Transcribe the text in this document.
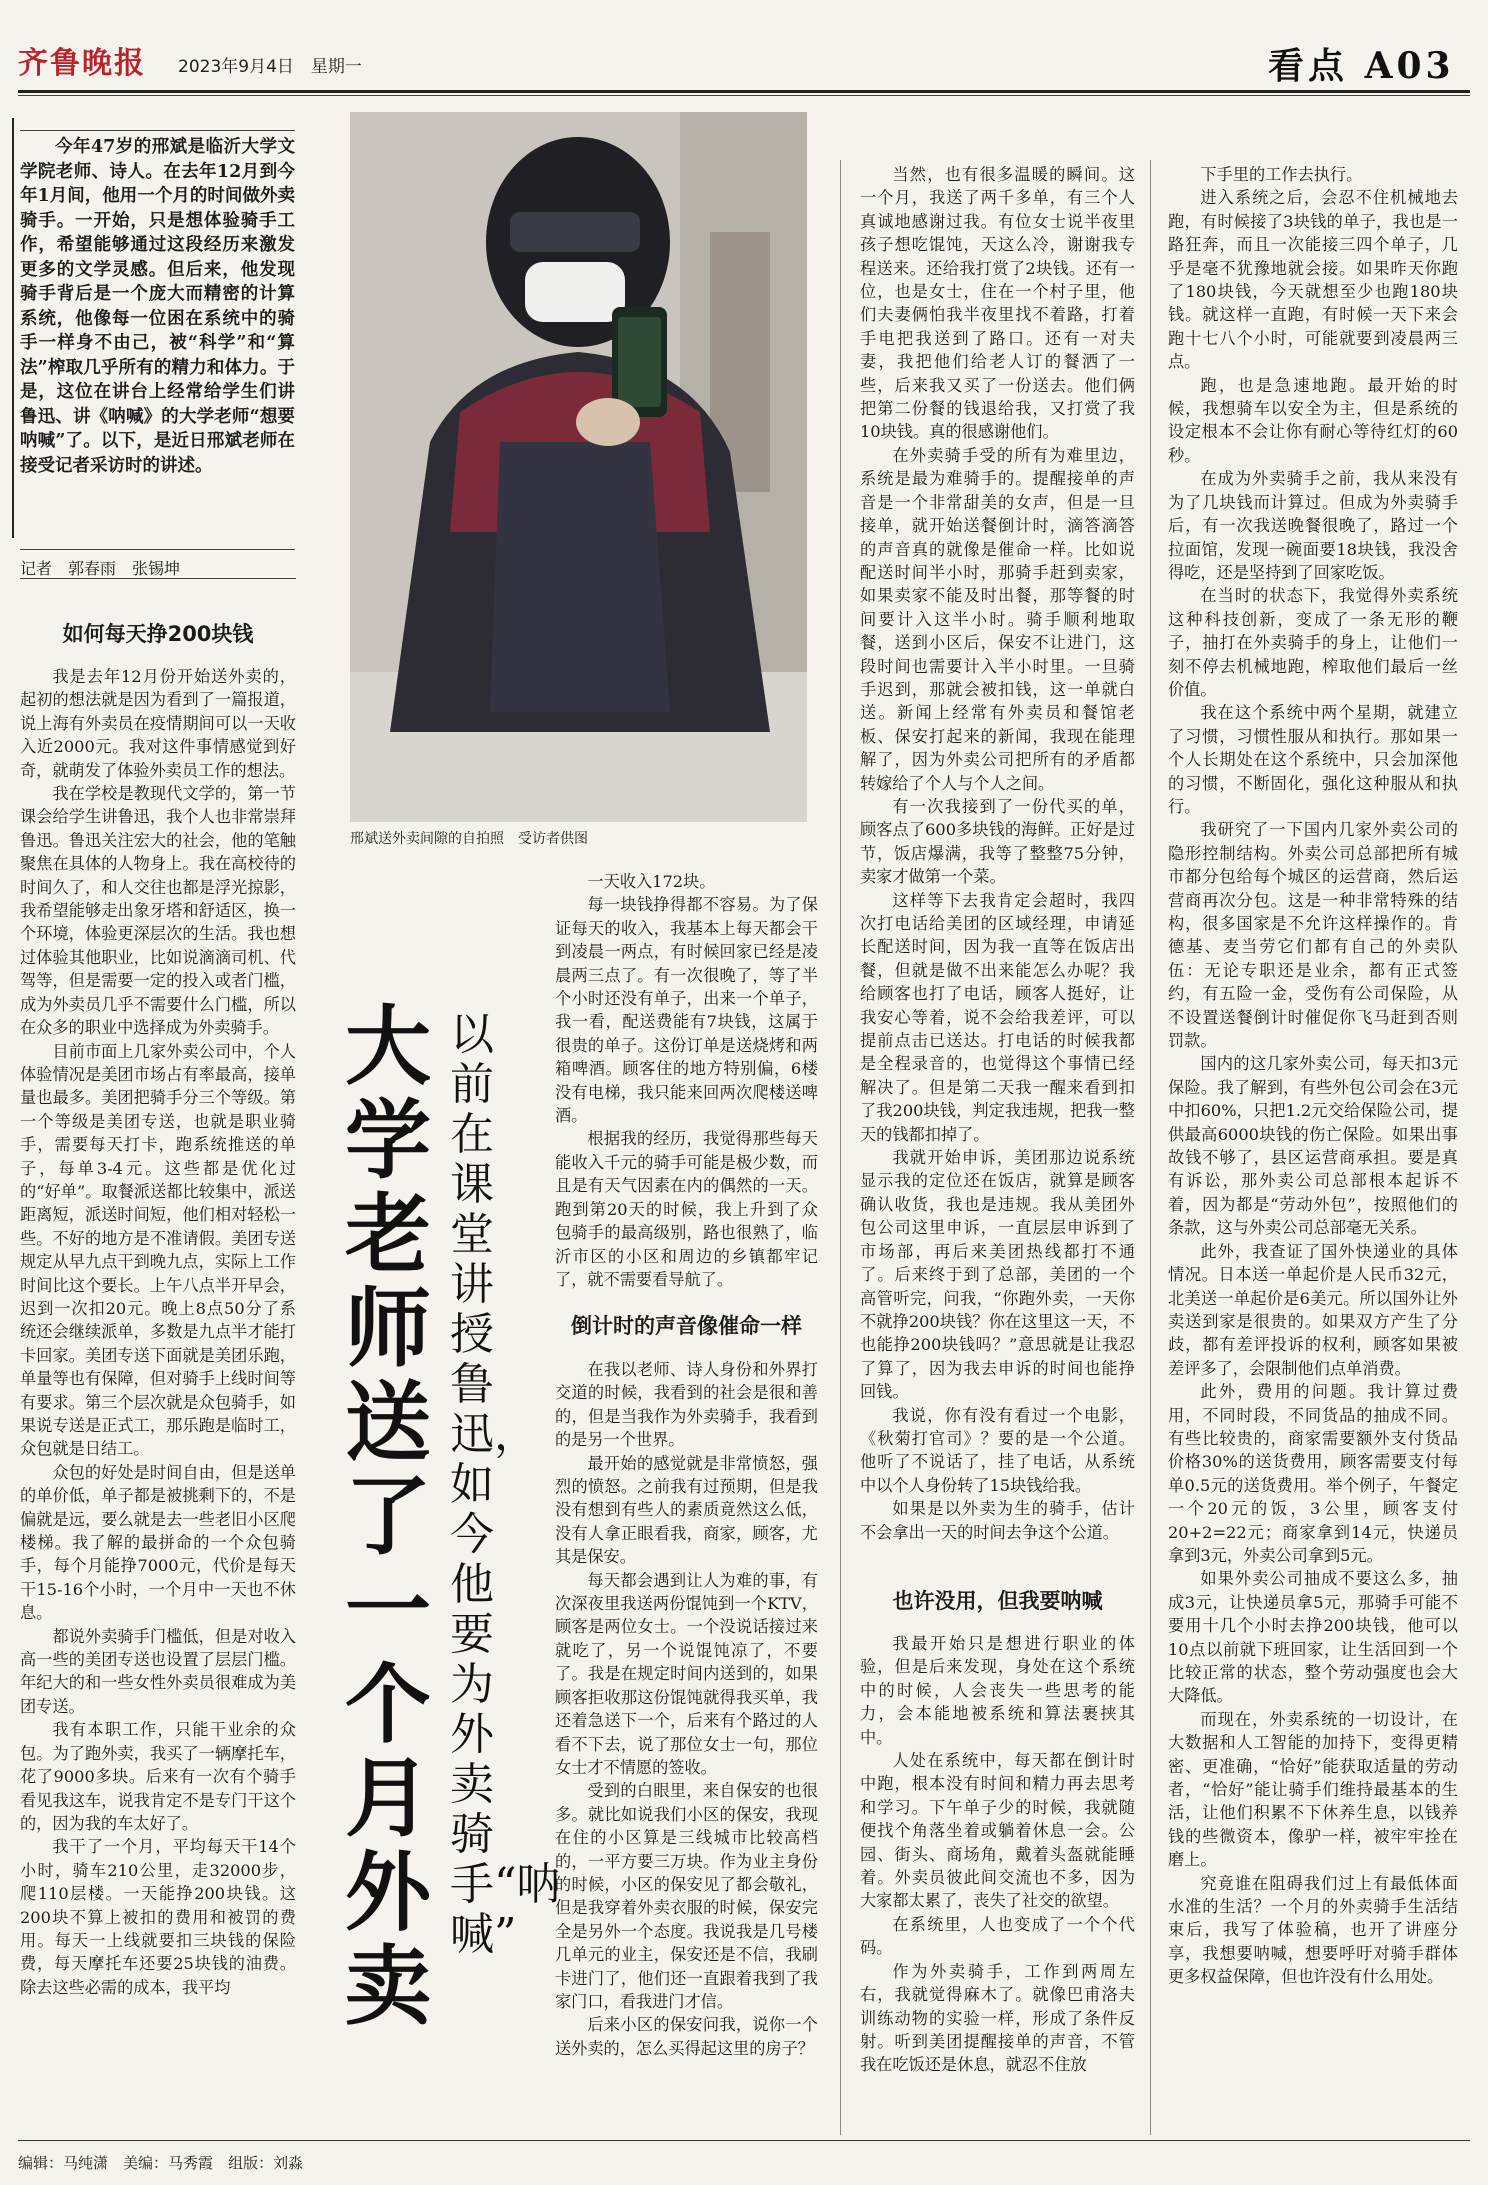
齐鲁晚报 2023年9月4日　 星期一	看点 A03

今年47岁的邢斌是临沂大学文学院老师、诗人。在去年12月到今年1月间，他用一个月的时间做外卖骑手。一开始，只是想体验骑手工作，希望能够通过这段经历来激发更多的文学灵感。但后来，他发现骑手背后是一个庞大而精密的计算系统，他像每一位困在系统中的骑手一样身不由己，被“科学”和“算法”榨取几乎所有的精力和体力。于是，这位在讲台上经常给学生们讲鲁迅、讲《呐喊》的大学老师“想要呐喊”了。以下，是近日邢斌老师在接受记者采访时的讲述。

记者　郭春雨　张锡坤
如何每天挣200块钱

我是去年12月份开始送外卖的，起初的想法就是因为看到了一篇报道，说上海有外卖员在疫情期间可以一天收入近2000元。我对这件事情感觉到好奇，就萌发了体验外卖员工作的想法。

我在学校是教现代文学的，第一节课会给学生讲鲁迅，我个人也非常崇拜鲁迅。鲁迅关注宏大的社会，他的笔触聚焦在具体的人物身上。我在高校待的时间久了，和人交往也都是浮光掠影，我希望能够走出象牙塔和舒适区，换一个环境，体验更深层次的生活。我也想过体验其他职业，比如说滴滴司机、代驾等，但是需要一定的投入或者门槛，成为外卖员几乎不需要什么门槛，所以在众多的职业中选择成为外卖骑手。

目前市面上几家外卖公司中，个人体验情况是美团市场占有率最高，接单量也最多。美团把骑手分三个等级。第一个等级是美团专送，也就是职业骑手，需要每天打卡，跑系统推送的单子，每单3-4元。这些都是优化过的“好单”。取餐派送都比较集中，派送距离短，派送时间短，他们相对轻松一些。不好的地方是不准请假。美团专送规定从早九点干到晚九点，实际上工作时间比这个要长。上午八点半开早会，迟到一次扣20元。晚上8点50分了系统还会继续派单，多数是九点半才能打卡回家。美团专送下面就是美团乐跑，单量等也有保障，但对骑手上线时间等有要求。第三个层次就是众包骑手，如果说专送是正式工，那乐跑是临时工，众包就是日结工。

众包的好处是时间自由，但是送单的单价低，单子都是被挑剩下的，不是偏就是远，要么就是去一些老旧小区爬楼梯。我了解的最拼命的一个众包骑手，每个月能挣7000元，代价是每天干15-16个小时，一个月中一天也不休息。

都说外卖骑手门槛低，但是对收入高一些的美团专送也设置了层层门槛。年纪大的和一些女性外卖员很难成为美团专送。

我有本职工作，只能干业余的众包。为了跑外卖，我买了一辆摩托车，花了9000多块。后来有一次有个骑手看见我这车，说我肯定不是专门干这个的，因为我的车太好了。

我干了一个月，平均每天干14个小时，骑车210公里，走32000步，爬110层楼。一天能挣200块钱。这200块不算上被扣的费用和被罚的费用。每天一上线就要扣三块钱的保险费，每天摩托车还要25块钱的油费。除去这些必需的成本，我平均

邢斌送外卖间隙的自拍照　受访者供图
大学老师送了一个月外卖
以前在课堂讲授鲁迅，如今他要为外卖骑手“呐喊”

一天收入172块。

每一块钱挣得都不容易。为了保证每天的收入，我基本上每天都会干到凌晨一两点，有时候回家已经是凌晨两三点了。有一次很晚了，等了半个小时还没有单子，出来一个单子，我一看，配送费能有7块钱，这属于很贵的单子。这份订单是送烧烤和两箱啤酒。顾客住的地方特别偏，6楼没有电梯，我只能来回两次爬楼送啤酒。

根据我的经历，我觉得那些每天能收入千元的骑手可能是极少数，而且是有天气因素在内的偶然的一天。跑到第20天的时候，我上升到了众包骑手的最高级别，路也很熟了，临沂市区的小区和周边的乡镇都牢记了，就不需要看导航了。

倒计时的声音像催命一样

在我以老师、诗人身份和外界打交道的时候，我看到的社会是很和善的，但是当我作为外卖骑手，我看到的是另一个世界。

最开始的感觉就是非常愤怒，强烈的愤怒。之前我有过预期，但是我没有想到有些人的素质竟然这么低，没有人拿正眼看我，商家，顾客，尤其是保安。

每天都会遇到让人为难的事，有次深夜里我送两份馄饨到一个KTV，顾客是两位女士。一个没说话接过来就吃了，另一个说馄饨凉了，不要了。我是在规定时间内送到的，如果顾客拒收那这份馄饨就得我买单，我还着急送下一个，后来有个路过的人看不下去，说了那位女士一句，那位女士才不情愿的签收。

受到的白眼里，来自保安的也很多。就比如说我们小区的保安，我现在住的小区算是三线城市比较高档的，一平方要三万块。作为业主身份的时候，小区的保安见了都会敬礼，但是我穿着外卖衣服的时候，保安完全是另外一个态度。我说我是几号楼几单元的业主，保安还是不信，我刷卡进门了，他们还一直跟着我到了我家门口，看我进门才信。

后来小区的保安问我，说你一个送外卖的，怎么买得起这里的房子？

当然，也有很多温暖的瞬间。这一个月，我送了两千多单，有三个人真诚地感谢过我。有位女士说半夜里孩子想吃馄饨，天这么冷，谢谢我专程送来。还给我打赏了2块钱。还有一位，也是女士，住在一个村子里，他们夫妻俩怕我半夜里找不着路，打着手电把我送到了路口。还有一对夫妻，我把他们给老人订的餐洒了一些，后来我又买了一份送去。他们俩把第二份餐的钱退给我，又打赏了我10块钱。真的很感谢他们。

在外卖骑手受的所有为难里边，系统是最为难骑手的。提醒接单的声音是一个非常甜美的女声，但是一旦接单，就开始送餐倒计时，滴答滴答的声音真的就像是催命一样。比如说配送时间半小时，那骑手赶到卖家，如果卖家不能及时出餐，那等餐的时间要计入这半小时。骑手顺利地取餐，送到小区后，保安不让进门，这段时间也需要计入半小时里。一旦骑手迟到，那就会被扣钱，这一单就白送。新闻上经常有外卖员和餐馆老板、保安打起来的新闻，我现在能理解了，因为外卖公司把所有的矛盾都转嫁给了个人与个人之间。

有一次我接到了一份代买的单，顾客点了600多块钱的海鲜。正好是过节，饭店爆满，我等了整整75分钟，卖家才做第一个菜。

这样等下去我肯定会超时，我四次打电话给美团的区域经理，申请延长配送时间，因为我一直等在饭店出餐，但就是做不出来能怎么办呢？我给顾客也打了电话，顾客人挺好，让我安心等着，说不会给我差评，可以提前点击已送达。打电话的时候我都是全程录音的，也觉得这个事情已经解决了。但是第二天我一醒来看到扣了我200块钱，判定我违规，把我一整天的钱都扣掉了。

我就开始申诉，美团那边说系统显示我的定位还在饭店，就算是顾客确认收货，我也是违规。我从美团外包公司这里申诉，一直层层申诉到了市场部，再后来美团热线都打不通了。后来终于到了总部，美团的一个高管听完，问我，“你跑外卖，一天你不就挣200块钱？你在这里这一天，不也能挣200块钱吗？”意思就是让我忍了算了，因为我去申诉的时间也能挣回钱。

我说，你有没有看过一个电影，《秋菊打官司》？要的是一个公道。他听了不说话了，挂了电话，从系统中以个人身份转了15块钱给我。

如果是以外卖为生的骑手，估计不会拿出一天的时间去争这个公道。

也许没用，但我要呐喊

我最开始只是想进行职业的体验，但是后来发现，身处在这个系统中的时候，人会丧失一些思考的能力，会本能地被系统和算法裹挟其中。

人处在系统中，每天都在倒计时中跑，根本没有时间和精力再去思考和学习。下午单子少的时候，我就随便找个角落坐着或躺着休息一会。公园、街头、商场角，戴着头盔就能睡着。外卖员彼此间交流也不多，因为大家都太累了，丧失了社交的欲望。

在系统里，人也变成了一个个代码。

作为外卖骑手，工作到两周左右，我就觉得麻木了。就像巴甫洛夫训练动物的实验一样，形成了条件反射。听到美团提醒接单的声音，不管我在吃饭还是休息，就忍不住放

下手里的工作去执行。

进入系统之后，会忍不住机械地去跑，有时候接了3块钱的单子，我也是一路狂奔，而且一次能接三四个单子，几乎是毫不犹豫地就会接。如果昨天你跑了180块钱，今天就想至少也跑180块钱。就这样一直跑，有时候一天下来会跑十七八个小时，可能就要到凌晨两三点。

跑，也是急速地跑。最开始的时候，我想骑车以安全为主，但是系统的设定根本不会让你有耐心等待红灯的60秒。

在成为外卖骑手之前，我从来没有为了几块钱而计算过。但成为外卖骑手后，有一次我送晚餐很晚了，路过一个拉面馆，发现一碗面要18块钱，我没舍得吃，还是坚持到了回家吃饭。

在当时的状态下，我觉得外卖系统这种科技创新，变成了一条无形的鞭子，抽打在外卖骑手的身上，让他们一刻不停去机械地跑，榨取他们最后一丝价值。

我在这个系统中两个星期，就建立了习惯，习惯性服从和执行。那如果一个人长期处在这个系统中，只会加深他的习惯，不断固化，强化这种服从和执行。

我研究了一下国内几家外卖公司的隐形控制结构。外卖公司总部把所有城市都分包给每个城区的运营商，然后运营商再次分包。这是一种非常特殊的结构，很多国家是不允许这样操作的。肯德基、麦当劳它们都有自己的外卖队伍：无论专职还是业余，都有正式签约，有五险一金，受伤有公司保险，从不设置送餐倒计时催促你飞马赶到否则罚款。

国内的这几家外卖公司，每天扣3元保险。我了解到，有些外包公司会在3元中扣60%，只把1.2元交给保险公司，提供最高6000块钱的伤亡保险。如果出事故钱不够了，县区运营商承担。要是真有诉讼，那外卖公司总部根本起诉不着，因为都是“劳动外包”，按照他们的条款，这与外卖公司总部毫无关系。

此外，我查证了国外快递业的具体情况。日本送一单起价是人民币32元，北美送一单起价是6美元。所以国外让外卖送到家是很贵的。如果双方产生了分歧，都有差评投诉的权利，顾客如果被差评多了，会限制他们点单消费。

此外，费用的问题。我计算过费用，不同时段，不同货品的抽成不同。有些比较贵的，商家需要额外支付货品价格30%的送货费用，顾客需要支付每单0.5元的送货费用。举个例子，午餐定一个20元的饭，3公里，顾客支付20+2=22元；商家拿到14元，快递员拿到3元，外卖公司拿到5元。

如果外卖公司抽成不要这么多，抽成3元，让快递员拿5元，那骑手可能不要用十几个小时去挣200块钱，他可以10点以前就下班回家，让生活回到一个比较正常的状态，整个劳动强度也会大大降低。

而现在，外卖系统的一切设计，在大数据和人工智能的加持下，变得更精密、更准确，“恰好”能获取适量的劳动者，“恰好”能让骑手们维持最基本的生活，让他们积累不下休养生息，以钱养钱的些微资本，像驴一样，被牢牢拴在磨上。

究竟谁在阻碍我们过上有最低体面水准的生活？一个月的外卖骑手生活结束后，我写了体验稿，也开了讲座分享，我想要呐喊，想要呼吁对骑手群体更多权益保障，但也许没有什么用处。

编辑：马纯潇　 美编：马秀霞　 组版：刘淼
